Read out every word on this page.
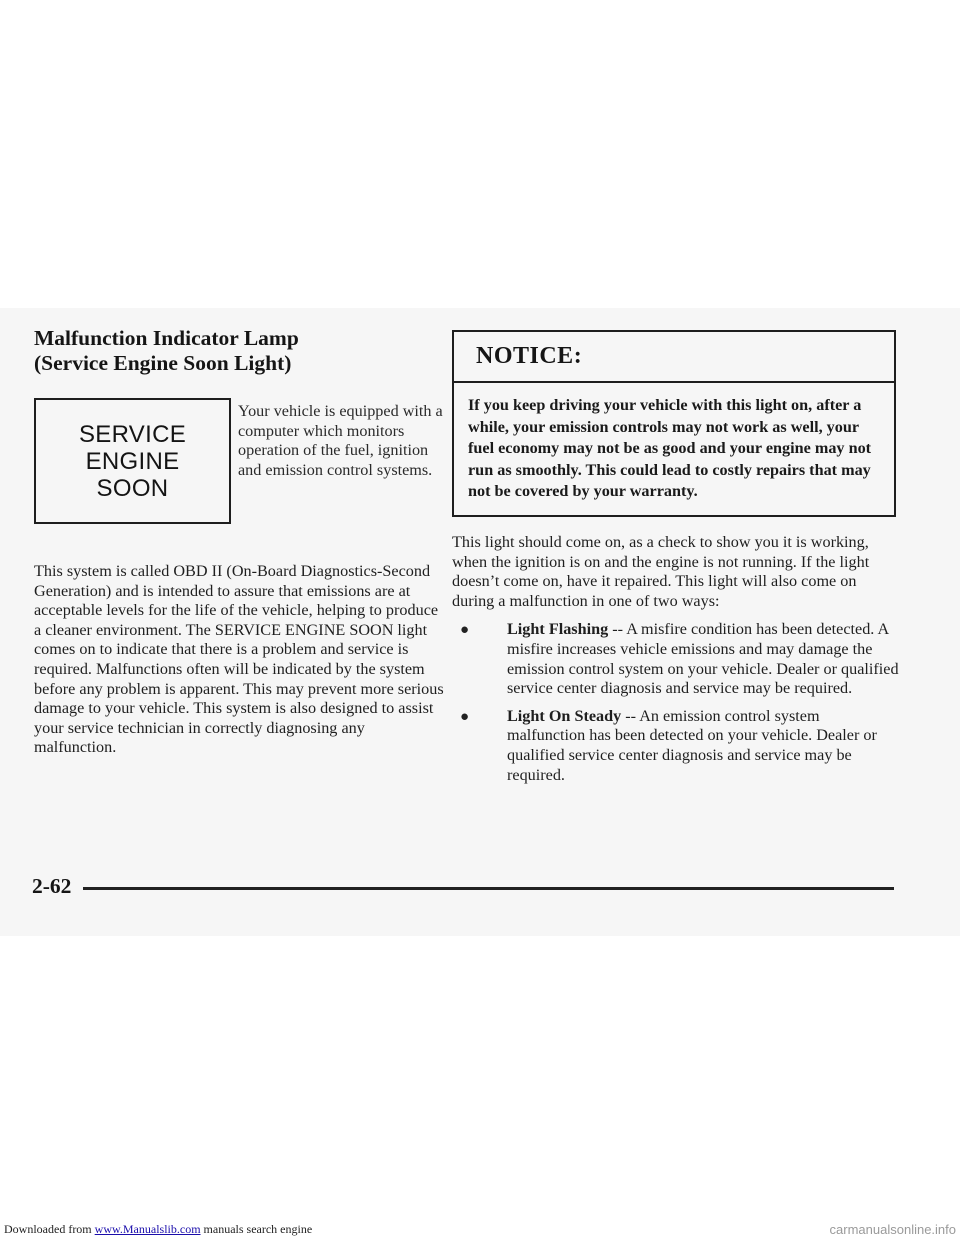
Malfunction Indicator Lamp
(Service Engine Soon Light)
SERVICE
ENGINE
SOON

Your vehicle is equipped with a computer which monitors operation of the fuel, ignition and emission control systems.

This system is called OBD II (On-Board Diagnostics-Second Generation) and is intended to assure that emissions are at acceptable levels for the life of the vehicle, helping to produce a cleaner environment. The SERVICE ENGINE SOON light comes on to indicate that there is a problem and service is required. Malfunctions often will be indicated by the system before any problem is apparent. This may prevent more serious damage to your vehicle. This system is also designed to assist your service technician in correctly diagnosing any malfunction.

NOTICE:
If you keep driving your vehicle with this light on, after a while, your emission controls may not work as well, your fuel economy may not be as good and your engine may not run as smoothly. This could lead to costly repairs that may not be covered by your warranty.

This light should come on, as a check to show you it is working, when the ignition is on and the engine is not running. If the light doesn’t come on, have it repaired. This light will also come on during a malfunction in one of two ways:

● Light Flashing -- A misfire condition has been detected. A misfire increases vehicle emissions and may damage the emission control system on your vehicle. Dealer or qualified service center diagnosis and service may be required.
● Light On Steady -- An emission control system malfunction has been detected on your vehicle. Dealer or qualified service center diagnosis and service may be required.
2-62
Downloaded from www.Manualslib.com manuals search engine	carmanualsonline.info
